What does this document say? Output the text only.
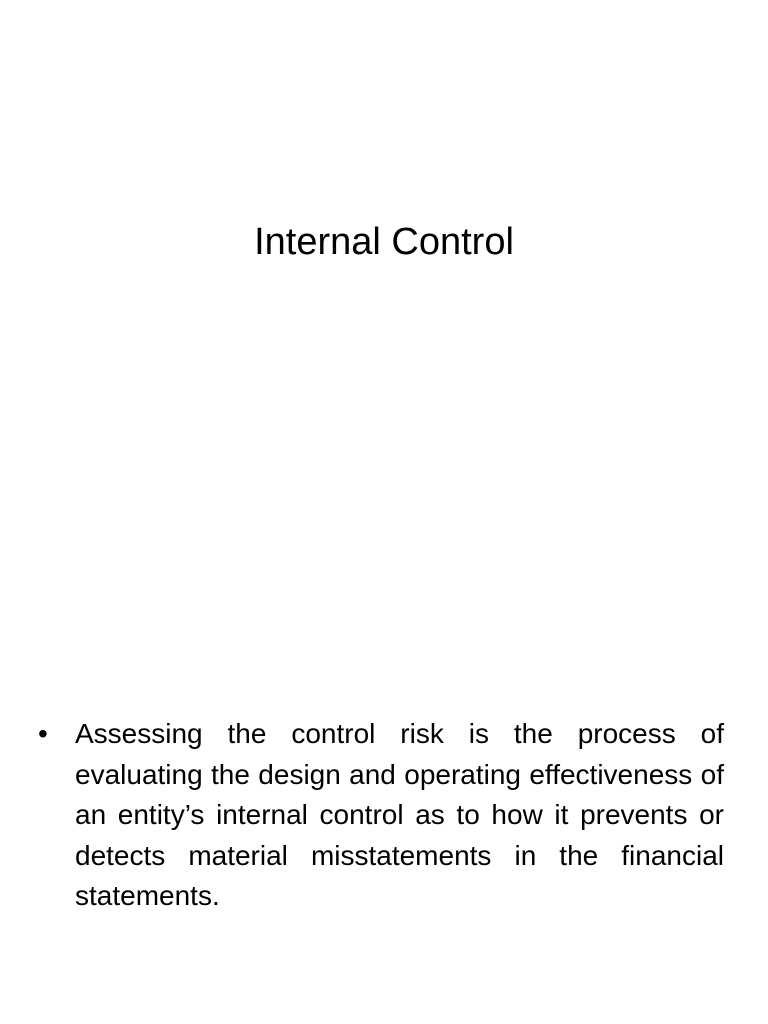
Internal Control
• Assessing the control risk is the process of evaluating the design and operating effectiveness of an entity’s internal control as to how it prevents or detects material misstatements in the financial statements.
